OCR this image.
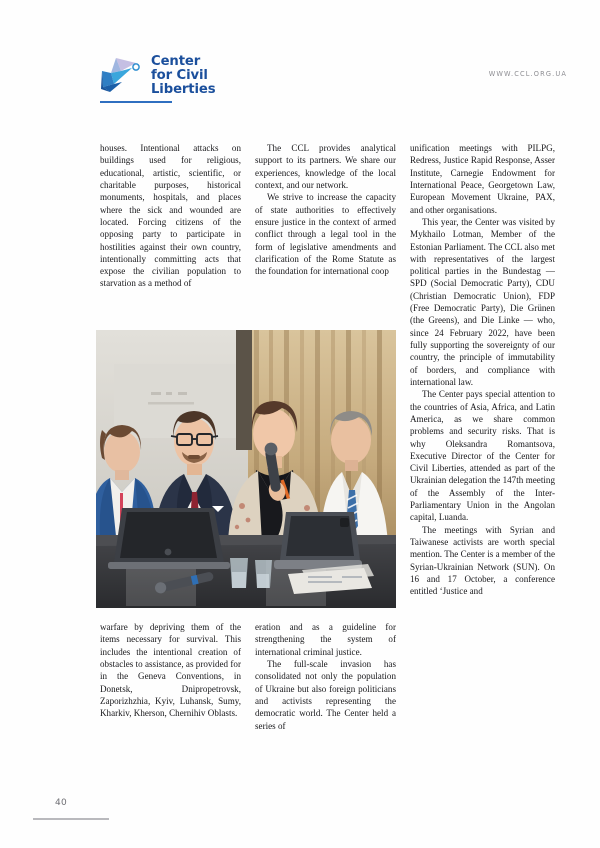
Center
for Civil
Liberties
WWW.CCL.ORG.UA

houses. Intentional attacks on buildings used for religious, educational, artistic, scientific, or charitable purposes, historical monuments, hospitals, and places where the sick and wounded are located. Forcing citizens of the opposing party to participate in hostilities against their own country, intentionally committing acts that expose the civilian population to starvation as a method of

The CCL provides analytical support to its partners. We share our experiences, knowledge of the local context, and our network.

We strive to increase the capacity of state authorities to effectively ensure justice in the context of armed conflict through a legal tool in the form of legislative amendments and clarification of the Rome Statute as the foundation for international coop

unification meetings with PILPG, Redress, Justice Rapid Response, Asser Institute, Carnegie Endowment for International Peace, Georgetown Law, European Movement Ukraine, PAX, and other organisations.

This year, the Center was visited by Mykhailo Lotman, Member of the Estonian Parliament. The CCL also met with representatives of the largest political parties in the Bundestag — SPD (Social Democratic Party), CDU (Christian Democratic Union), FDP (Free Democratic Party), Die Grünen (the Greens), and Die Linke — who, since 24 February 2022, have been fully supporting the sovereignty of our country, the principle of immutability of borders, and compliance with international law.

The Center pays special attention to the countries of Asia, Africa, and Latin America, as we share common problems and security risks. That is why Oleksandra Romantsova, Executive Director of the Center for Civil Liberties, attended as part of the Ukrainian delegation the 147th meeting of the Assembly of the Inter-Parliamentary Union in the Angolan capital, Luanda.

The meetings with Syrian and Taiwanese activists are worth special mention. The Center is a member of the Syrian-Ukrainian Network (SUN). On 16 and 17 October, a conference entitled ‘Justice and

warfare by depriving them of the items necessary for survival. This includes the intentional creation of obstacles to assistance, as provided for in the Geneva Conventions, in Donetsk, Dnipropetrovsk, Zaporizhzhia, Kyiv, Luhansk, Sumy, Kharkiv, Kherson, Chernihiv Oblasts.

eration and as a guideline for strengthening the system of international criminal justice.

The full-scale invasion has consolidated not only the population of Ukraine but also foreign politicians and activists representing the democratic world. The Center held a series of

40
